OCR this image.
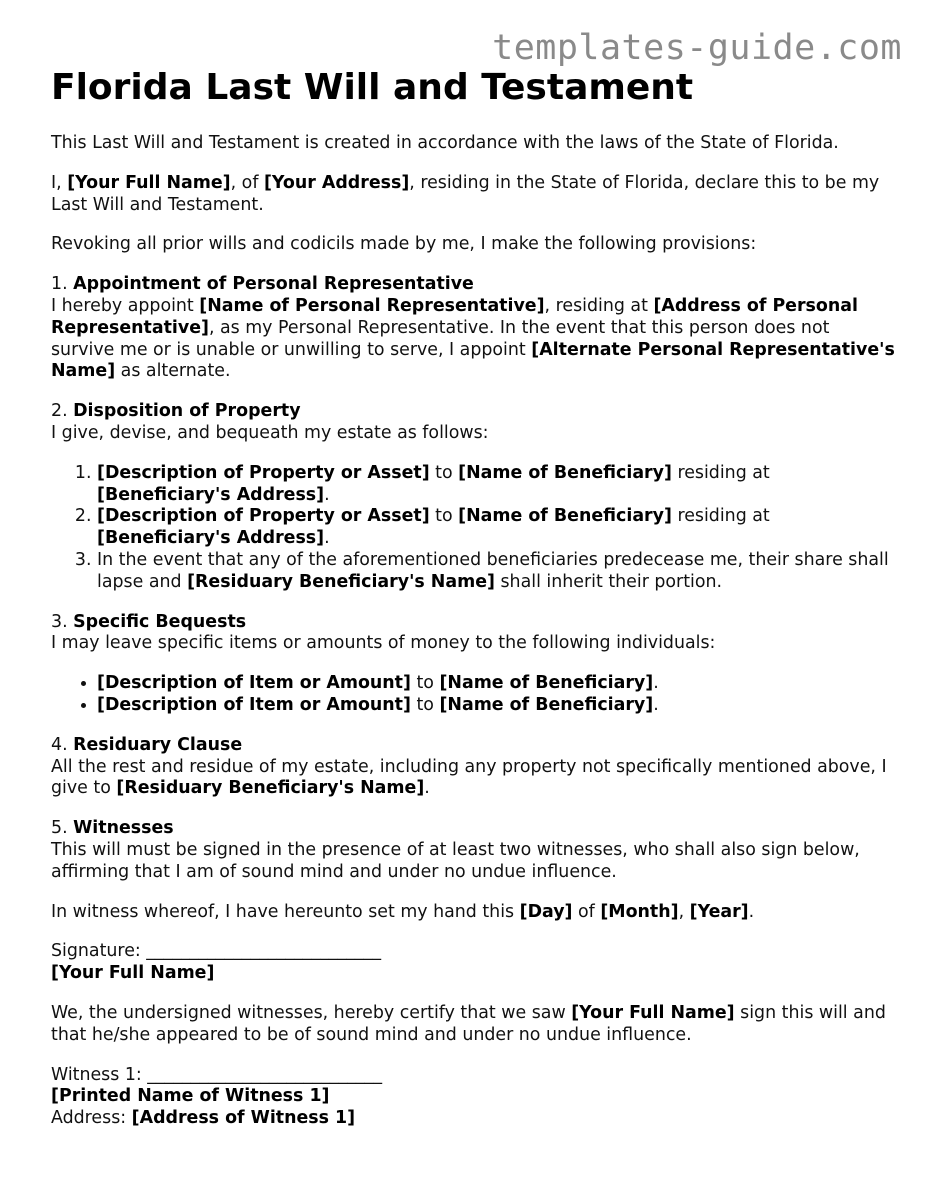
templates-guide.com
Florida Last Will and Testament

This Last Will and Testament is created in accordance with the laws of the State of Florida.

I, [Your Full Name], of [Your Address], residing in the State of Florida, declare this to be my Last Will and Testament.

Revoking all prior wills and codicils made by me, I make the following provisions:

1. Appointment of Personal Representative
I hereby appoint [Name of Personal Representative], residing at [Address of Personal Representative], as my Personal Representative. In the event that this person does not survive me or is unable or unwilling to serve, I appoint [Alternate Personal Representative's Name] as alternate.

2. Disposition of Property
I give, devise, and bequeath my estate as follows:

1. [Description of Property or Asset] to [Name of Beneficiary] residing at [Beneficiary's Address].
2. [Description of Property or Asset] to [Name of Beneficiary] residing at [Beneficiary's Address].
3. In the event that any of the aforementioned beneficiaries predecease me, their share shall lapse and [Residuary Beneficiary's Name] shall inherit their portion.

3. Specific Bequests
I may leave specific items or amounts of money to the following individuals:

• [Description of Item or Amount] to [Name of Beneficiary].
• [Description of Item or Amount] to [Name of Beneficiary].

4. Residuary Clause
All the rest and residue of my estate, including any property not specifically mentioned above, I give to [Residuary Beneficiary's Name].

5. Witnesses
This will must be signed in the presence of at least two witnesses, who shall also sign below, affirming that I am of sound mind and under no undue influence.

In witness whereof, I have hereunto set my hand this [Day] of [Month], [Year].

Signature: ___________________________
[Your Full Name]

We, the undersigned witnesses, hereby certify that we saw [Your Full Name] sign this will and that he/she appeared to be of sound mind and under no undue influence.

Witness 1: ___________________________
[Printed Name of Witness 1]
Address: [Address of Witness 1]
